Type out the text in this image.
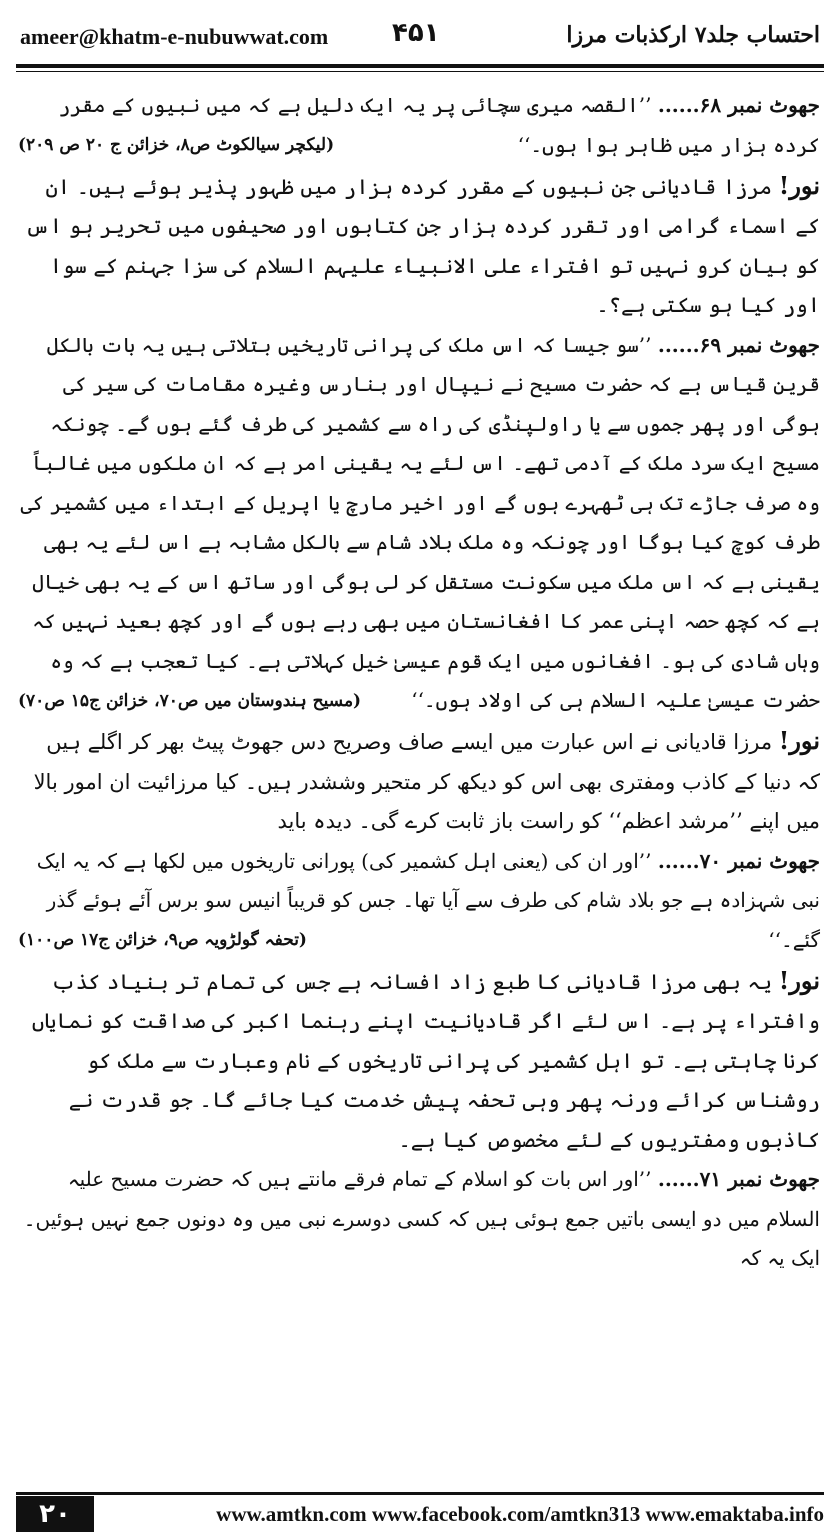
ameer@khatm-e-nubuwwat.com ۴۵۱	احتساب جلد۷ ارکذبات مرزا

جھوٹ نمبر ۶۸...... ’’القصہ میری سچائی پر یہ ایک دلیل ہے کہ میں نبیوں کے مقرر کردہ ہزار میں ظاہر ہوا ہوں۔‘‘

(لیکچر سیالکوٹ ص۸، خزائن ج ۲۰ ص ۲۰۹)

نور! مرزا قادیانی جن نبیوں کے مقرر کردہ ہزار میں ظہور پذیر ہوئے ہیں۔ ان کے اسماء گرامی اور تقرر کردہ ہزار جن کتابوں اور صحیفوں میں تحریر ہو اس کو بیان کرو نہیں تو افتراء علی الانبیاء علیہم السلام کی سزا جہنم کے سوا اور کیا ہو سکتی ہے؟۔

جھوٹ نمبر ۶۹...... ’’سو جیسا کہ اس ملک کی پرانی تاریخیں بتلاتی ہیں یہ بات بالکل قرین قیاس ہے کہ حضرت مسیح نے نیپال اور بنارس وغیرہ مقامات کی سیر کی ہوگی اور پھر جموں سے یا راولپنڈی کی راہ سے کشمیر کی طرف گئے ہوں گے۔ چونکہ مسیح ایک سرد ملک کے آدمی تھے۔ اس لئے یہ یقینی امر ہے کہ ان ملکوں میں غالباً وہ صرف جاڑے تک ہی ٹھہرے ہوں گے اور اخیر مارچ یا اپریل کے ابتداء میں کشمیر کی طرف کوچ کیا ہوگا اور چونکہ وہ ملک بلاد شام سے بالکل مشابہ ہے اس لئے یہ بھی یقینی ہے کہ اس ملک میں سکونت مستقل کر لی ہوگی اور ساتھ اس کے یہ بھی خیال ہے کہ کچھ حصہ اپنی عمر کا افغانستان میں بھی رہے ہوں گے اور کچھ بعید نہیں کہ وہاں شادی کی ہو۔ افغانوں میں ایک قوم عیسیٰ خیل کہلاتی ہے۔ کیا تعجب ہے کہ وہ حضرت عیسیٰ علیہ السلام ہی کی اولاد ہوں۔‘‘

(مسیح ہندوستان میں ص۷۰، خزائن ج۱۵ ص۷۰)

نور! مرزا قادیانی نے اس عبارت میں ایسے صاف وصریح دس جھوٹ پیٹ بھر کر اگلے ہیں کہ دنیا کے کاذب ومفتری بھی اس کو دیکھ کر متحیر وششدر ہیں۔ کیا مرزائیت ان امور بالا میں اپنے ’’مرشد اعظم‘‘ کو راست باز ثابت کرے گی۔ دیدہ باید

جھوٹ نمبر ۷۰...... ’’اور ان کی (یعنی اہل کشمیر کی) پورانی تاریخوں میں لکھا ہے کہ یہ ایک نبی شہزادہ ہے جو بلاد شام کی طرف سے آیا تھا۔ جس کو قریباً انیس سو برس آئے ہوئے گذر گئے۔‘‘

(تحفہ گولڑویہ ص۹، خزائن ج۱۷ ص۱۰۰)

نور! یہ بھی مرزا قادیانی کا طبع زاد افسانہ ہے جس کی تمام تر بنیاد کذب وافتراء پر ہے۔ اس لئے اگر قادیانیت اپنے رہنما اکبر کی صداقت کو نمایاں کرنا چاہتی ہے۔ تو اہل کشمیر کی پرانی تاریخوں کے نام وعبارت سے ملک کو روشناس کرائے ورنہ پھر وہی تحفہ پیش خدمت کیا جائے گا۔ جو قدرت نے کاذبوں ومفتریوں کے لئے مخصوص کیا ہے۔

جھوٹ نمبر ۷۱...... ’’اور اس بات کو اسلام کے تمام فرقے مانتے ہیں کہ حضرت مسیح علیہ السلام میں دو ایسی باتیں جمع ہوئی ہیں کہ کسی دوسرے نبی میں وہ دونوں جمع نہیں ہوئیں۔ ایک یہ کہ

۲۰	www.amtkn.com www.facebook.com/amtkn313 www.emaktaba.info
